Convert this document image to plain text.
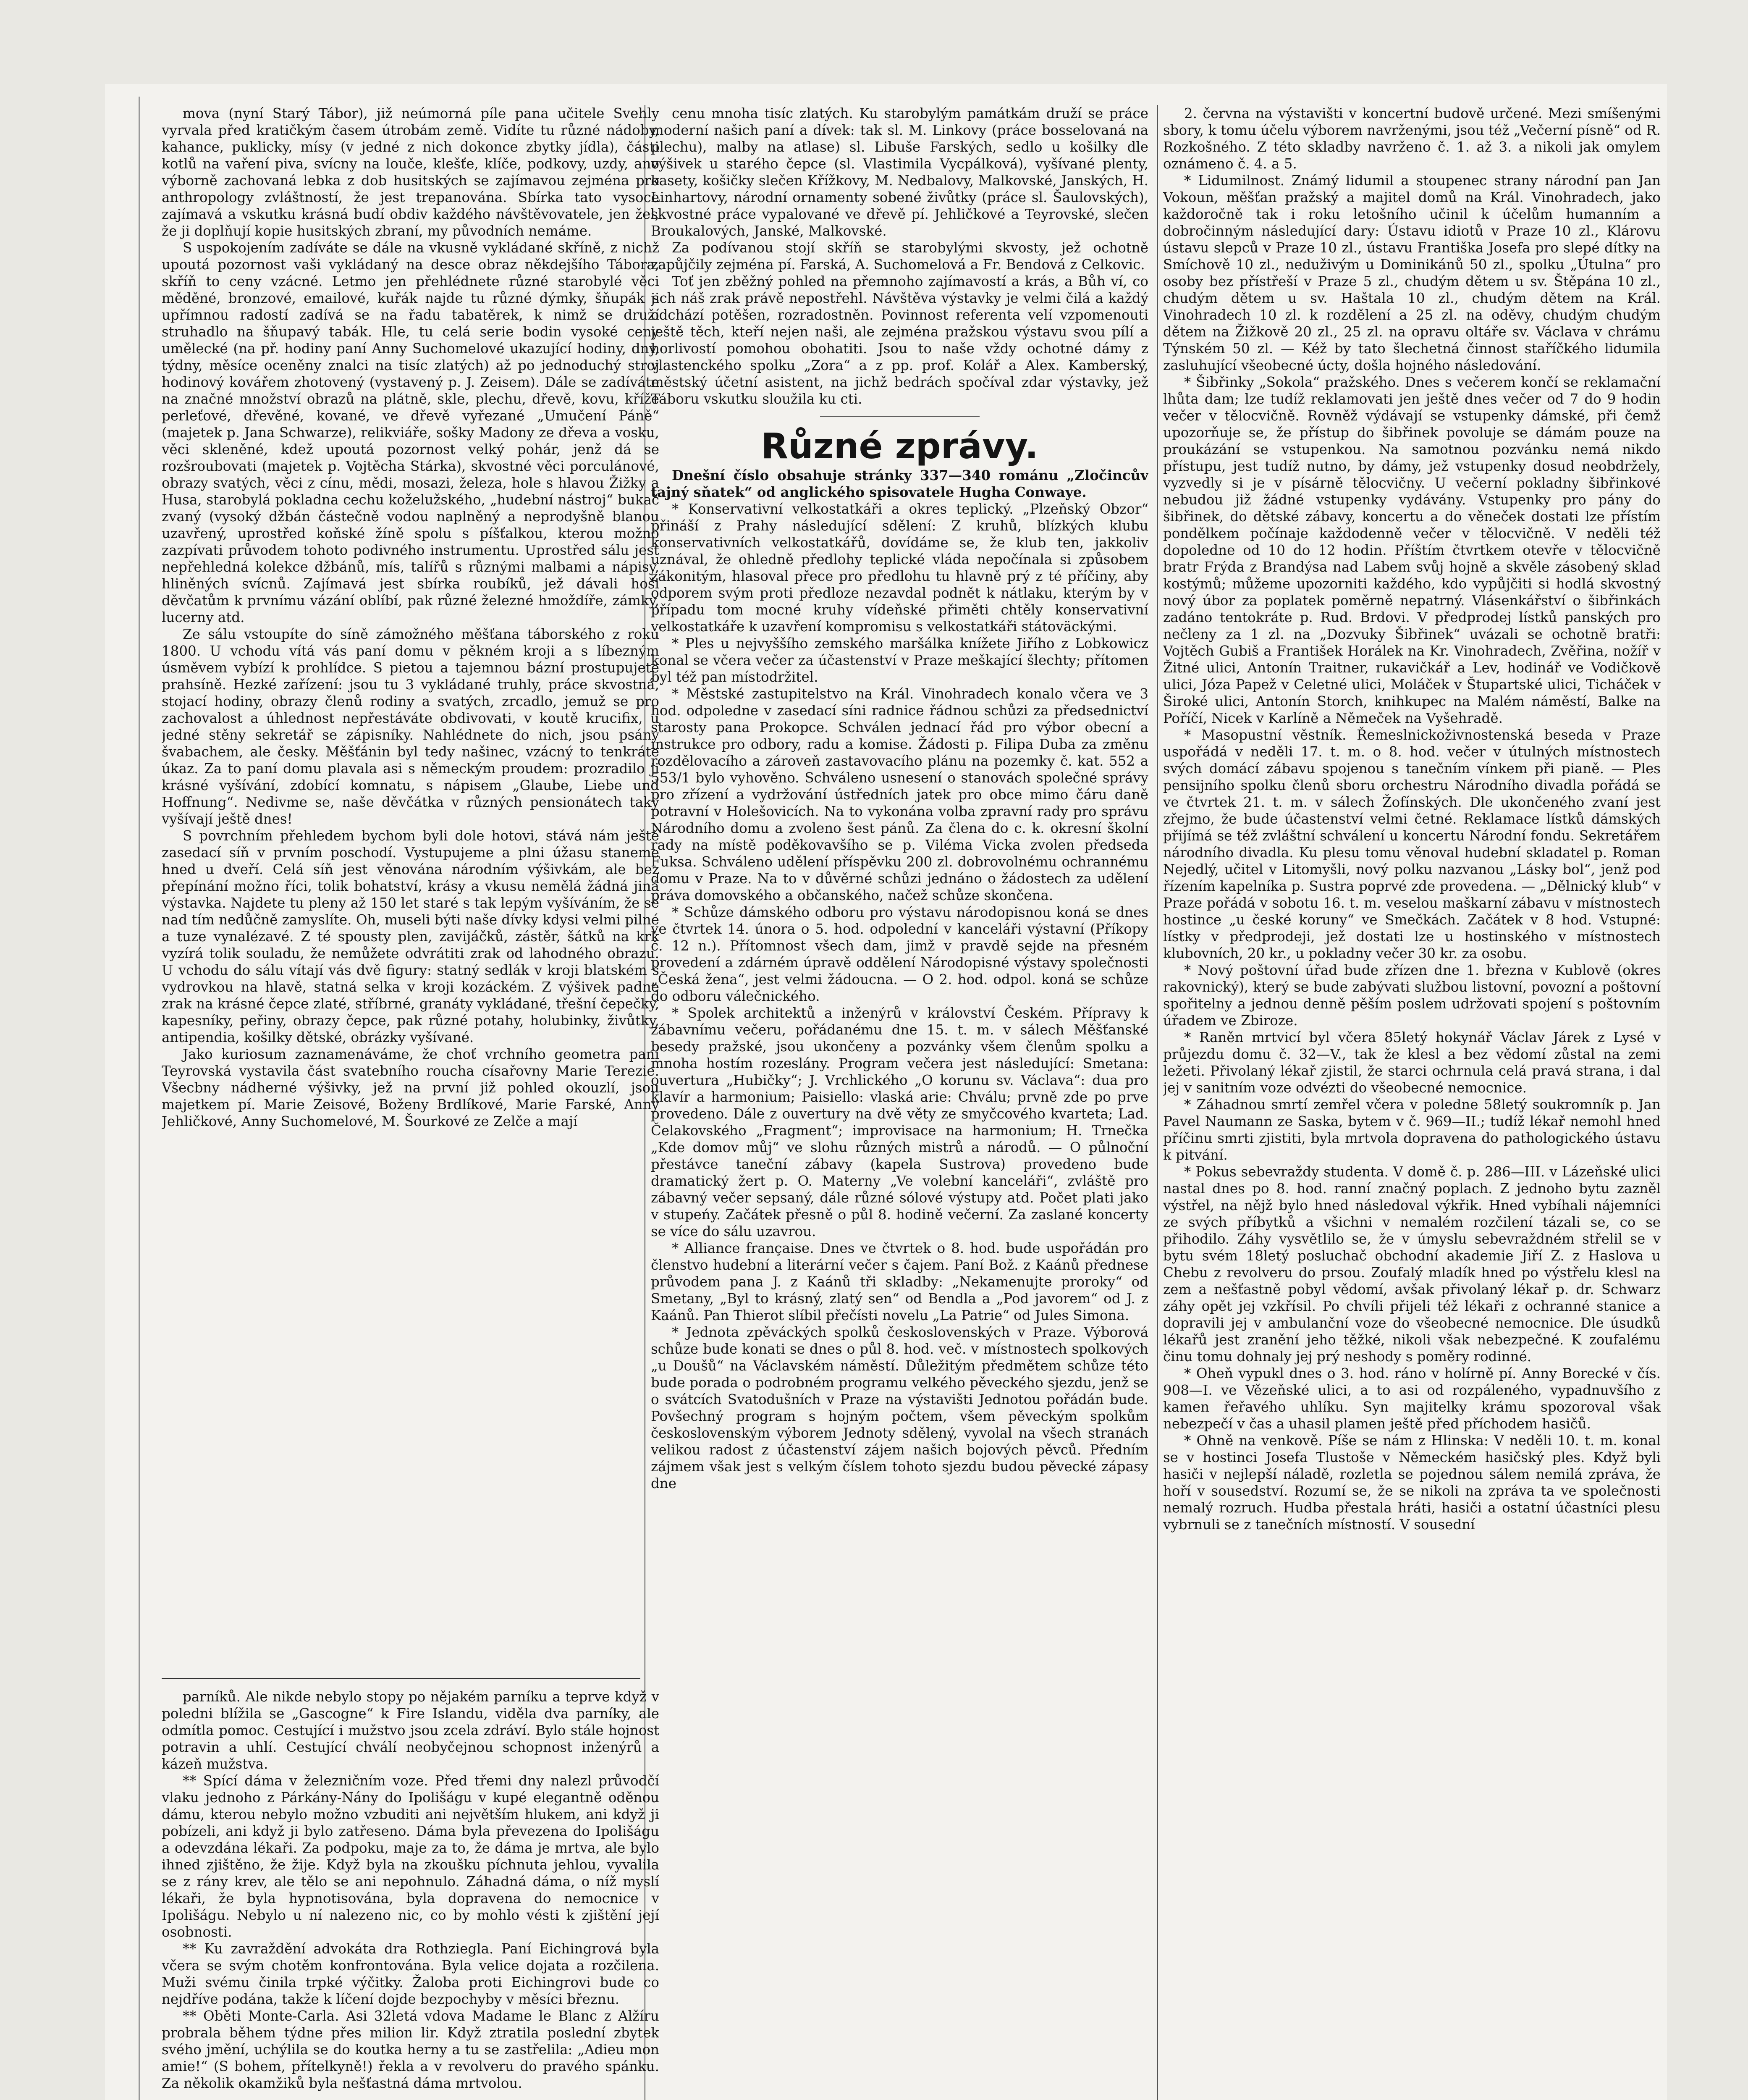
mova (nyní Starý Tábor), již neúmorná píle pana učitele Svehly vyrvala před kratičkým časem útrobám země. Vidíte tu různé nádoby, kahance, puklicky, mísy (v jedné z nich dokonce zbytky jídla), části kotlů na vaření piva, svícny na louče, klešťe, klíče, podkovy, uzdy, ano výborně zachovaná lebka z dob husitských se zajímavou zejména pro anthropology zvláštností, že jest trepanována. Sbírka tato vysoce zajímavá a vskutku krásná budí obdiv každého návštěvovatele, jen žel, že ji doplňují kopie husitských zbraní, my původních nemáme.

S uspokojením zadíváte se dále na vkusně vykládané skříně, z nichž upoutá pozornost vaši vykládaný na desce obraz někdejšího Tábora, skříň to ceny vzácné. Letmo jen přehlédnete různé starobylé věci měděné, bronzové, emailové, kuřák najde tu různé dýmky, šňupák s upřímnou radostí zadívá se na řadu tabatěrek, k nimž se druží struhadlo na šňupavý tabák. Hle, tu celá serie bodin vysoké ceny umělecké (na př. hodiny paní Anny Suchomelové ukazující hodiny, dny, týdny, měsíce oceněny znalci na tisíc zlatých) až po jednoduchý stroj hodinový kovářem zhotovený (vystavený p. J. Zeisem). Dále se zadíváte na značné množství obrazů na plátně, skle, plechu, dřevě, kovu, kříže perleťové, dřevěné, kované, ve dřevě vyřezané „Umučení Páně“ (majetek p. Jana Schwarze), relikviáře, sošky Madony ze dřeva a vosku, věci skleněné, kdež upoutá pozornost velký pohár, jenž dá se rozšroubovati (majetek p. Vojtěcha Stárka), skvostné věci porculánové, obrazy svatých, věci z cínu, mědi, mosazi, železa, hole s hlavou Žižky a Husa, starobylá pokladna cechu koželužského, „hudební nástroj“ bukač zvaný (vysoký džbán částečně vodou naplněný a neprodyšně blanou uzavřený, uprostřed koňské žíně spolu s píšťalkou, kterou možno zazpívati průvodem tohoto podivného instrumentu. Uprostřed sálu jest nepřehledná kolekce džbánů, mís, talířů s různými malbami a nápisy, hliněných svícnů. Zajímavá jest sbírka roubíků, jež dávali hoši děvčatům k prvnímu vázání oblíbí, pak různé železné hmoždíře, zámky, lucerny atd.

Ze sálu vstoupíte do síně zámožného měšťana táborského z roku 1800. U vchodu vítá vás paní domu v pěkném kroji a s líbezným úsměvem vybízí k prohlídce. S pietou a tajemnou bázní prostupujete prahsíně. Hezké zařízení: jsou tu 3 vykládané truhly, práce skvostná, stojací hodiny, obrazy členů rodiny a svatých, zrcadlo, jemuž se pro zachovalost a úhlednost nepřestáváte obdivovati, v koutě krucifix, u jedné stěny sekretář se zápisníky. Nahlédnete do nich, jsou psány švabachem, ale česky. Měšťánin byl tedy našinec, vzácný to tenkráte úkaz. Za to paní domu plavala asi s německým proudem: prozradilo ji krásné vyšívání, zdobící komnatu, s nápisem „Glaube, Liebe und Hoffnung“. Nedivme se, naše děvčátka v různých pensionátech taky vyšívají ještě dnes!

S povrchním přehledem bychom byli dole hotovi, stává nám ještě zasedací síň v prvním poschodí. Vystupujeme a plni úžasu staneme hned u dveří. Celá síň jest věnována národním výšivkám, ale bez přepínání možno říci, tolik bohatství, krásy a vkusu nemělá žádná jiná výstavka. Najdete tu pleny až 150 let staré s tak lepým vyšíváním, že se nad tím nedůčně zamyslíte. Oh, museli býti naše dívky kdysi velmi pilné a tuze vynalézavé. Z té spousty plen, zavijáčků, zástěr, šátků na krk vyzírá tolik souladu, že nemůžete odvrátiti zrak od lahodného obrazu. U vchodu do sálu vítají vás dvě figury: statný sedlák v kroji blatském s vydrovkou na hlavě, statná selka v kroji kozáckém. Z výšivek padne zrak na krásné čepce zlaté, stříbrné, granáty vykládané, třešní čepečky, kapesníky, peřiny, obrazy čepce, pak různé potahy, holubinky, živůtky, antipendia, košilky dětské, obrázky vyšívané.

Jako kuriosum zaznamenáváme, že choť vrchního geometra paní Teyrovská vystavila část svatebního roucha císařovny Marie Terezie. Všecbny nádherné výšivky, jež na první již pohled okouzlí, jsou majetkem pí. Marie Zeisové, Boženy Brdlíkové, Marie Farské, Anny Jehličkové, Anny Suchomelové, M. Šourkové ze Zelče a mají

parníků. Ale nikde nebylo stopy po nějakém parníku a teprve když v poledni blížila se „Gascogne“ k Fire Islandu, viděla dva parníky, ale odmítla pomoc. Cestující i mužstvo jsou zcela zdráví. Bylo stále hojnost potravin a uhlí. Cestující chválí neobyčejnou schopnost inženýrů a kázeň mužstva.

** Spící dáma v železničním voze. Před třemi dny nalezl průvodčí vlaku jednoho z Párkány-Nány do Ipolišágu v kupé elegantně oděnou dámu, kterou nebylo možno vzbuditi ani největším hlukem, ani když ji pobízeli, ani když ji bylo zatřeseno. Dáma byla převezena do Ipolišágu a odevzdána lékaři. Za podpoku, maje za to, že dáma je mrtva, ale bylo ihned zjištěno, že žije. Když byla na zkoušku píchnuta jehlou, vyvalila se z rány krev, ale tělo se ani nepohnulo. Záhadná dáma, o níž myslí lékaři, že byla hypnotisována, byla dopravena do nemocnice v Ipolišágu. Nebylo u ní nalezeno nic, co by mohlo vésti k zjištění její osobnosti.

** Ku zavraždění advokáta dra Rothziegla. Paní Eichingrová byla včera se svým chotěm konfrontována. Byla velice dojata a rozčilena. Muži svému činila trpké výčitky. Žaloba proti Eichingrovi bude co nejdříve podána, takže k líčení dojde bezpochyby v měsíci březnu.

** Oběti Monte-Carla. Asi 32letá vdova Madame le Blanc z Alžíru probrala během týdne přes milion lir. Když ztratila poslední zbytek svého jmění, uchýlila se do koutka herny a tu se zastřelila: „Adieu mon amie!“ (S bohem, přítelkyně!) řekla a v revolveru do pravého spánku. Za několik okamžiků byla nešťastná dáma mrtvolou.

cenu mnoha tisíc zlatých. Ku starobylým památkám druží se práce moderní našich paní a dívek: tak sl. M. Linkovy (práce bosselovaná na plechu), malby na atlase) sl. Libuše Farských, sedlo u košilky dle výšivek u starého čepce (sl. Vlastimila Vycpálková), vyšívané plenty, kasety, košičky slečen Křížkovy, M. Nedbalovy, Malkovské, Janských, H. Linhartovy, národní ornamenty sobené živůtky (práce sl. Šaulovských), skvostné práce vypalované ve dřevě pí. Jehličkové a Teyrovské, slečen Broukalových, Janské, Malkovské.

Za podívanou stojí skříň se starobylými skvosty, jež ochotně zapůjčily zejména pí. Farská, A. Suchomelová a Fr. Bendová z Celkovic.

Toť jen zběžný pohled na přemnoho zajímavostí a krás, a Bůh ví, co jich náš zrak právě nepostřehl. Návštěva výstavky je velmi čilá a každý odchází potěšen, rozradostněn. Povinnost referenta velí vzpomenouti ještě těch, kteří nejen naši, ale zejména pražskou výstavu svou pílí a horlivostí pomohou obohatiti. Jsou to naše vždy ochotné dámy z vlastenckého spolku „Zora“ a z pp. prof. Kolář a Alex. Kamberský, městský účetní asistent, na jichž bedrách spočíval zdar výstavky, jež Táboru vskutku sloužila ku cti.

Různé zprávy.

Dnešní číslo obsahuje stránky 337—340 románu „Zločincův tajný sňatek“ od anglického spisovatele Hugha Conwaye.

* Konservativní velkostatkáři a okres teplický. „Plzeňský Obzor“ přináší z Prahy následující sdělení: Z kruhů, blízkých klubu konservativních velkostatkářů, dovídáme se, že klub ten, jakkoliv uznával, že ohledně předlohy teplické vláda nepočínala si způsobem zákonitým, hlasoval přece pro předlohu tu hlavně prý z té příčiny, aby odporem svým proti předloze nezavdal podnět k nátlaku, kterým by v případu tom mocné kruhy vídeňské přiměti chtěly konservativní velkostatkáře k uzavření kompromisu s velkostatkáři státoväckými.

* Ples u nejvyššího zemského maršálka knížete Jiřího z Lobkowicz konal se včera večer za účastenství v Praze meškající šlechty; přítomen byl též pan místodržitel.

* Městské zastupitelstvo na Král. Vinohradech konalo včera ve 3 hod. odpoledne v zasedací síni radnice řádnou schůzi za předsednictví starosty pana Prokopce. Schválen jednací řád pro výbor obecní a instrukce pro odbory, radu a komise. Žádosti p. Filipa Duba za změnu rozdělovacího a zároveň zastavovacího plánu na pozemky č. kat. 552 a 553/1 bylo vyhověno. Schváleno usnesení o stanovách společné správy pro zřízení a vydržování ústředních jatek pro obce mimo čáru daně potravní v Holešovicích. Na to vykonána volba zpravní rady pro správu Národního domu a zvoleno šest pánů. Za člena do c. k. okresní školní rady na místě poděkovavšího se p. Viléma Vicka zvolen předseda Fuksa. Schváleno udělení příspěvku 200 zl. dobrovolnému ochrannému domu v Praze. Na to v důvěrné schůzi jednáno o žádostech za udělení práva domovského a občanského, načež schůze skončena.

* Schůze dámského odboru pro výstavu národopisnou koná se dnes ve čtvrtek 14. února o 5. hod. odpolední v kanceláři výstavní (Příkopy č. 12 n.). Přítomnost všech dam, jimž v pravdě sejde na přesném provedení a zdárném úpravě oddělení Národopisné výstavy společnosti „Česká žena“, jest velmi žádoucna. — O 2. hod. odpol. koná se schůze do odboru válečnického.

* Spolek architektů a inženýrů v království Českém. Přípravy k zábavnímu večeru, pořádanému dne 15. t. m. v sálech Měšťanské besedy pražské, jsou ukončeny a pozvánky všem členům spolku a mnoha hostím rozeslány. Program večera jest následující: Smetana: ouvertura „Hubičky“; J. Vrchlického „O korunu sv. Václava“: dua pro klavír a harmonium; Paisiello: vlaská arie: Chválu; prvně zde po prve provedeno. Dále z ouvertury na dvě věty ze smyčcového kvarteta; Lad. Čelakovského „Fragment“; improvisace na harmonium; H. Trnečka „Kde domov můj“ ve slohu různých mistrů a národů. — O půlnoční přestávce taneční zábavy (kapela Sustrova) provedeno bude dramatický žert p. O. Materny „Ve volební kanceláři“, zvláště pro zábavný večer sepsaný, dále různé sólové výstupy atd. Počet plati jako v stupeńy. Začátek přesně o půl 8. hodině večerní. Za zaslané koncerty se více do sálu uzavrou.

* Alliance française. Dnes ve čtvrtek o 8. hod. bude uspořádán pro členstvo hudební a literární večer s čajem. Paní Bož. z Kaánů přednese průvodem pana J. z Kaánů tři skladby: „Nekamenujte proroky“ od Smetany, „Byl to krásný, zlatý sen“ od Bendla a „Pod javorem“ od J. z Kaánů. Pan Thierot slíbil přečísti novelu „La Patrie“ od Jules Simona.

* Jednota zpěváckých spolků československých v Praze. Výborová schůze bude konati se dnes o půl 8. hod. več. v místnostech spolkových „u Doušů“ na Václavském náměstí. Důležitým předmětem schůze této bude porada o podrobném programu velkého pěveckého sjezdu, jenž se o svátcích Svatodušních v Praze na výstavišti Jednotou pořádán bude. Povšechný program s hojným počtem, všem pěveckým spolkům československým výborem Jednoty sdělený, vyvolal na všech stranách velikou radost z účastenství zájem našich bojových pěvců. Předním zájmem však jest s velkým číslem tohoto sjezdu budou pěvecké zápasy dne

2. června na výstavišti v koncertní budově určené. Mezi smíšenými sbory, k tomu účelu výborem navrženými, jsou též „Večerní písně“ od R. Rozkošného. Z této skladby navrženo č. 1. až 3. a nikoli jak omylem oznámeno č. 4. a 5.

* Lidumilnost. Známý lidumil a stoupenec strany národní pan Jan Vokoun, měšťan pražský a majitel domů na Král. Vinohradech, jako každoročně tak i roku letošního učinil k účelům humanním a dobročinným následující dary: Ústavu idiotů v Praze 10 zl., Klárovu ústavu slepců v Praze 10 zl., ústavu Františka Josefa pro slepé dítky na Smíchově 10 zl., neduživým u Dominikánů 50 zl., spolku „Útulna“ pro osoby bez přístřeší v Praze 5 zl., chudým dětem u sv. Štěpána 10 zl., chudým dětem u sv. Haštala 10 zl., chudým dětem na Král. Vinohradech 10 zl. k rozdělení a 25 zl. na oděvy, chudým chudým dětem na Žižkově 20 zl., 25 zl. na opravu oltáře sv. Václava v chrámu Týnském 50 zl. — Kéž by tato šlechetná činnost staříčkého lidumila zasluhující všeobecné úcty, došla hojného následování.

* Šibřinky „Sokola“ pražského. Dnes s večerem končí se reklamační lhůta dam; lze tudíž reklamovati jen ještě dnes večer od 7 do 9 hodin večer v tělocvičně. Rovněž výdávají se vstupenky dámské, při čemž upozorňuje se, že přístup do šibřinek povoluje se dámám pouze na proukázání se vstupenkou. Na samotnou pozvánku nemá nikdo přístupu, jest tudíž nutno, by dámy, jež vstupenky dosud neobdržely, vyzvedly si je v písárně tělocvičny. U večerní pokladny šibřinkové nebudou již žádné vstupenky vydávány. Vstupenky pro pány do šibřinek, do dětské zábavy, koncertu a do věneček dostati lze přístím pondělkem počínaje každodenně večer v tělocvičně. V neděli též dopoledne od 10 do 12 hodin. Příštím čtvrtkem otevře v tělocvičně bratr Frýda z Brandýsa nad Labem svůj hojně a skvěle zásobený sklad kostýmů; můžeme upozorniti každého, kdo vypůjčiti si hodlá skvostný nový úbor za poplatek poměrně nepatrný. Vlásenkářství o šibřinkách zadáno tentokráte p. Rud. Brdovi. V předprodej lístků panských pro nečleny za 1 zl. na „Dozvuky Šibřinek“ uvázali se ochotně bratři: Vojtěch Gubiš a František Horálek na Kr. Vinohradech, Zvěřina, nožíř v Žitné ulici, Antonín Traitner, rukavičkář a Lev, hodinář ve Vodičkově ulici, Józa Papež v Celetné ulici, Moláček v Štupartské ulici, Ticháček v Široké ulici, Antonín Storch, knihkupec na Malém náměstí, Balke na Poříčí, Nicek v Karlíně a Němeček na Vyšehradě.

* Masopustní věstník. Řemeslnickoživnostenská beseda v Praze uspořádá v neděli 17. t. m. o 8. hod. večer v útulných místnostech svých domácí zábavu spojenou s tanečním vínkem při pianě. — Ples pensijního spolku členů sboru orchestru Národního divadla pořádá se ve čtvrtek 21. t. m. v sálech Žofínských. Dle ukončeného zvaní jest zřejmo, že bude účastenství velmi četné. Reklamace lístků dámských přijímá se též zvláštní schválení u koncertu Národní fondu. Sekretářem národního divadla. Ku plesu tomu věnoval hudební skladatel p. Roman Nejedlý, učitel v Litomyšli, nový polku nazvanou „Lásky bol“, jenž pod řízením kapelníka p. Sustra poprvé zde provedena. — „Dělnický klub“ v Praze pořádá v sobotu 16. t. m. veselou maškarní zábavu v místnostech hostince „u české koruny“ ve Smečkách. Začátek v 8 hod. Vstupné: lístky v předprodeji, jež dostati lze u hostinského v místnostech klubovních, 20 kr., u pokladny večer 30 kr. za osobu.

* Nový poštovní úřad bude zřízen dne 1. března v Kublově (okres rakovnický), který se bude zabývati službou listovní, povozní a poštovní spořitelny a jednou denně pěším poslem udržovati spojení s poštovním úřadem ve Zbiroze.

* Raněn mrtvicí byl včera 85letý hokynář Václav Járek z Lysé v průjezdu domu č. 32—V., tak že klesl a bez vědomí zůstal na zemi ležeti. Přivolaný lékař zjistil, že starci ochrnula celá pravá strana, i dal jej v sanitním voze odvézti do všeobecné nemocnice.

* Záhadnou smrtí zemřel včera v poledne 58letý soukromník p. Jan Pavel Naumann ze Saska, bytem v č. 969—II.; tudíž lékař nemohl hned příčinu smrti zjistiti, byla mrtvola dopravena do pathologického ústavu k pitvání.

* Pokus sebevraždy studenta. V domě č. p. 286—III. v Lázeňské ulici nastal dnes po 8. hod. ranní značný poplach. Z jednoho bytu zazněl výstřel, na nějž bylo hned následoval výkřik. Hned vybíhali nájemníci ze svých příbytků a všichni v nemalém rozčilení tázali se, co se přihodilo. Záhy vysvětlilo se, že v úmyslu sebevraždném střelil se v bytu svém 18letý posluchač obchodní akademie Jiří Z. z Haslova u Chebu z revolveru do prsou. Zoufalý mladík hned po výstřelu klesl na zem a nešťastně pobyl vědomí, avšak přivolaný lékař p. dr. Schwarz záhy opět jej vzkřísil. Po chvíli přijeli též lékaři z ochranné stanice a dopravili jej v ambulanční voze do všeobecné nemocnice. Dle úsudků lékařů jest zranění jeho těžké, nikoli však nebezpečné. K zoufalému činu tomu dohnaly jej prý neshody s poměry rodinné.

* Oheň vypukl dnes o 3. hod. ráno v holírně pí. Anny Borecké v čís. 908—I. ve Vězeňské ulici, a to asi od rozpáleného, vypadnuvšího z kamen řeřavého uhlíku. Syn majitelky krámu spozoroval však nebezpečí v čas a uhasil plamen ještě před příchodem hasičů.

* Ohně na venkově. Píše se nám z Hlinska: V neděli 10. t. m. konal se v hostinci Josefa Tlustoše v Německém hasičský ples. Když byli hasiči v nejlepší náladě, rozletla se pojednou sálem nemilá zpráva, že hoří v sousedství. Rozumí se, že se nikoli na zpráva ta ve společnosti nemalý rozruch. Hudba přestala hráti, hasiči a ostatní účastníci plesu vybrnuli se z tanečních místností. V sousední
